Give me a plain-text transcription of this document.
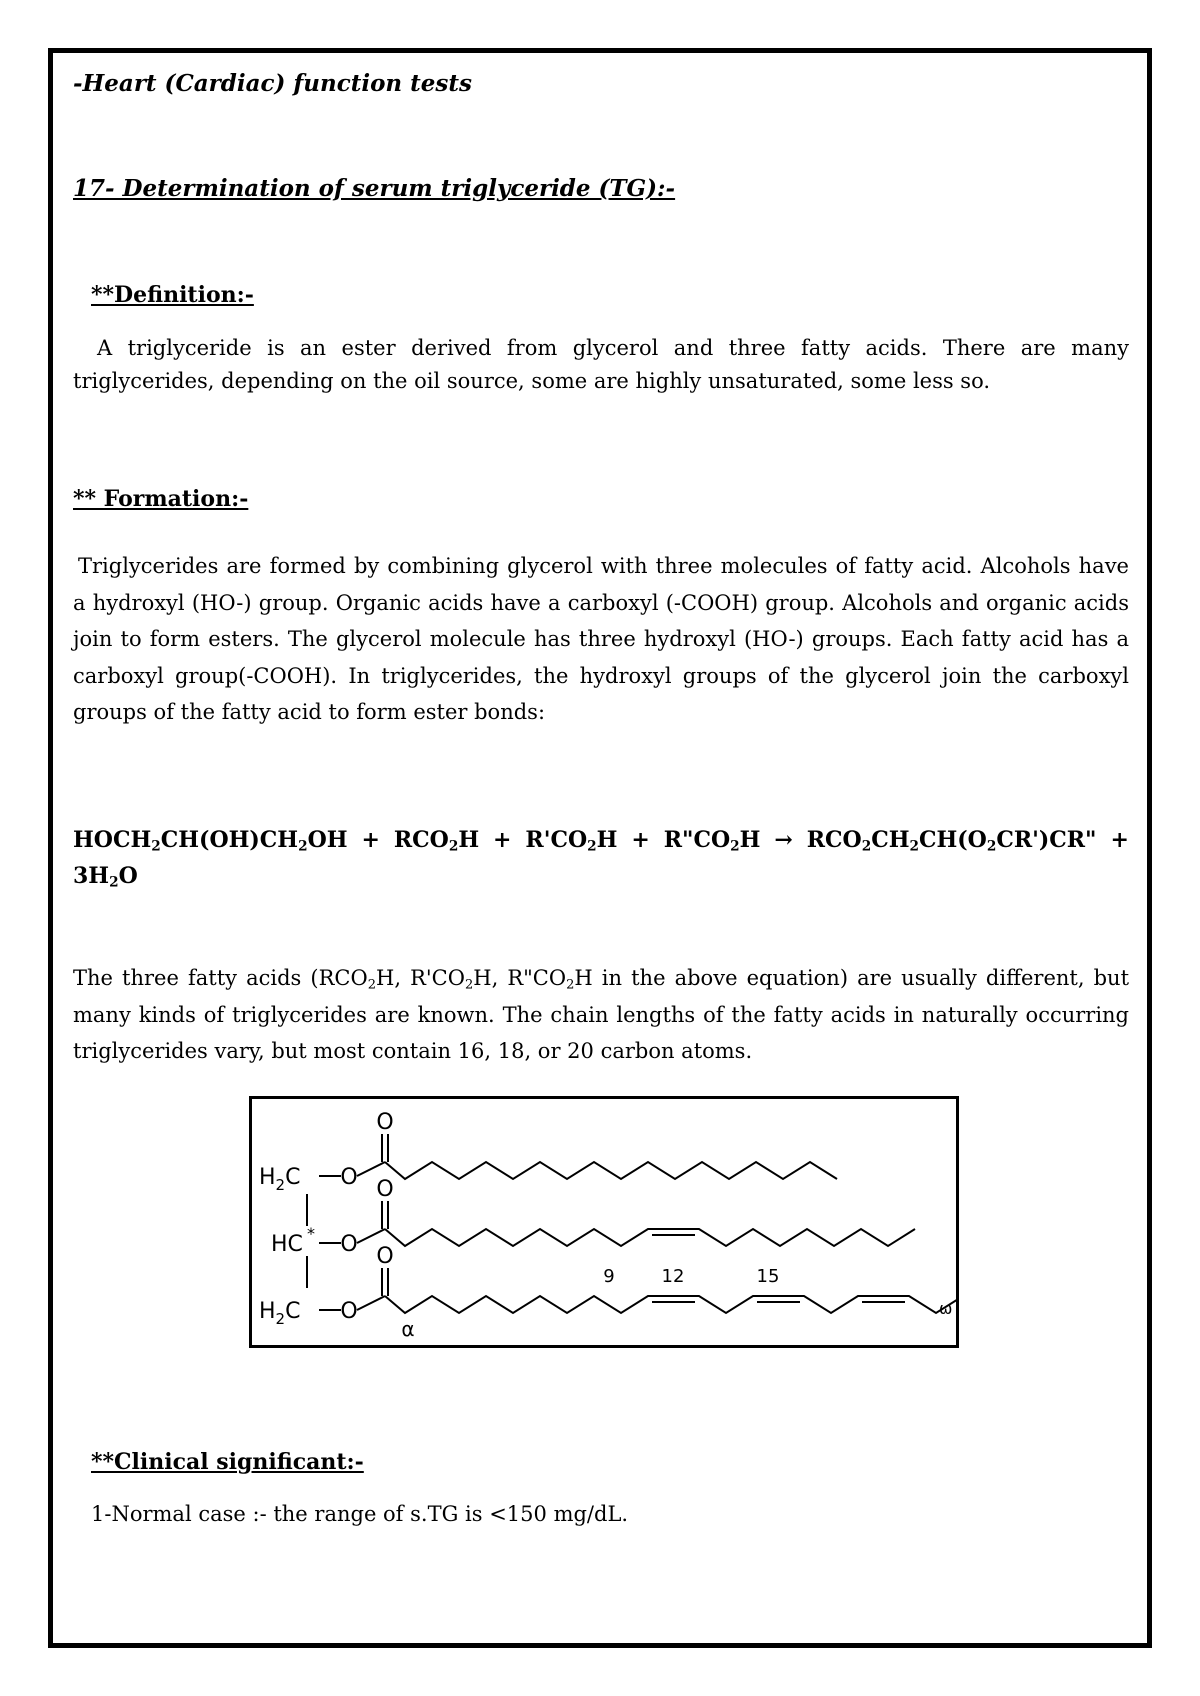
-Heart (Cardiac) function tests
17- Determination of serum triglyceride (TG):-
**Definition:-
A triglyceride is an ester derived from glycerol and three fatty acids. There are many triglycerides, depending on the oil source, some are highly unsaturated, some less so.
** Formation:-
Triglycerides are formed by combining glycerol with three molecules of fatty acid. Alcohols have a hydroxyl (HO-) group. Organic acids have a carboxyl (-COOH) group. Alcohols and organic acids join to form esters. The glycerol molecule has three hydroxyl (HO-) groups. Each fatty acid has a carboxyl group(-COOH). In triglycerides, the hydroxyl groups of the glycerol join the carboxyl groups of the fatty acid to form ester bonds:
$HOCH_2CH(OH)CH_2OH + RCO_2H + R'CO_2H$ + $R"CO_2H \to RCO_2CH_2CH(O_2CR')CR$" + $3H_2O$
The three fatty acids ($RCO_2H$, $R'CO_2H$, $R"CO_2H$ in the above equation) are usually different, but many kinds of triglycerides are known. The chain lengths of the fatty acids in naturally occurring triglycerides vary, but most contain 16, 18, or 20 carbon atoms.
O
O
O
O
O
O
$H_2C$
HC *
$H_2C$
9	12	15
α
ω
**Clinical significant:-
1-Normal case :- the range of s.TG is <150 mg/dL.
